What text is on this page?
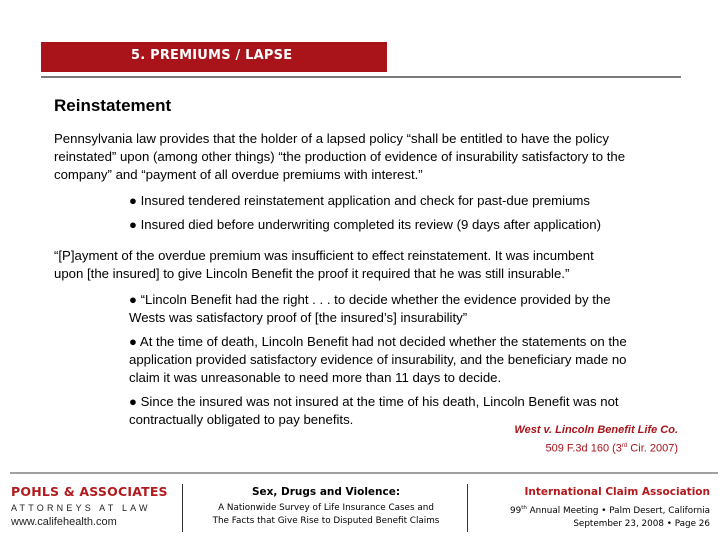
5. PREMIUMS / LAPSE
Reinstatement
Pennsylvania law provides that the holder of a lapsed policy “shall be entitled to have the policy
reinstated” upon (among other things) “the production of evidence of insurability satisfactory to the
company” and “payment of all overdue premiums with interest.”
● Insured tendered reinstatement application and check for past-due premiums
● Insured died before underwriting completed its review (9 days after application)
“[P]ayment of the overdue premium was insufficient to effect reinstatement. It was incumbent
upon [the insured] to give Lincoln Benefit the proof it required that he was still insurable.”
● “Lincoln Benefit had the right . . . to decide whether the evidence provided by the
Wests was satisfactory proof of [the insured’s] insurability”
● At the time of death, Lincoln Benefit had not decided whether the statements on the
application provided satisfactory evidence of insurability, and the beneficiary made no
claim it was unreasonable to need more than 11 days to decide.
● Since the insured was not insured at the time of his death, Lincoln Benefit was not
contractually obligated to pay benefits.
West v. Lincoln Benefit Life Co.
509 F.3d 160 (3rd Cir. 2007)
POHLS & ASSOCIATES
ATTORNEYS AT LAW
www.califehealth.com
Sex, Drugs and Violence:
A Nationwide Survey of Life Insurance Cases and
The Facts that Give Rise to Disputed Benefit Claims
International Claim Association
99th Annual Meeting • Palm Desert, California
September 23, 2008 • Page 26
